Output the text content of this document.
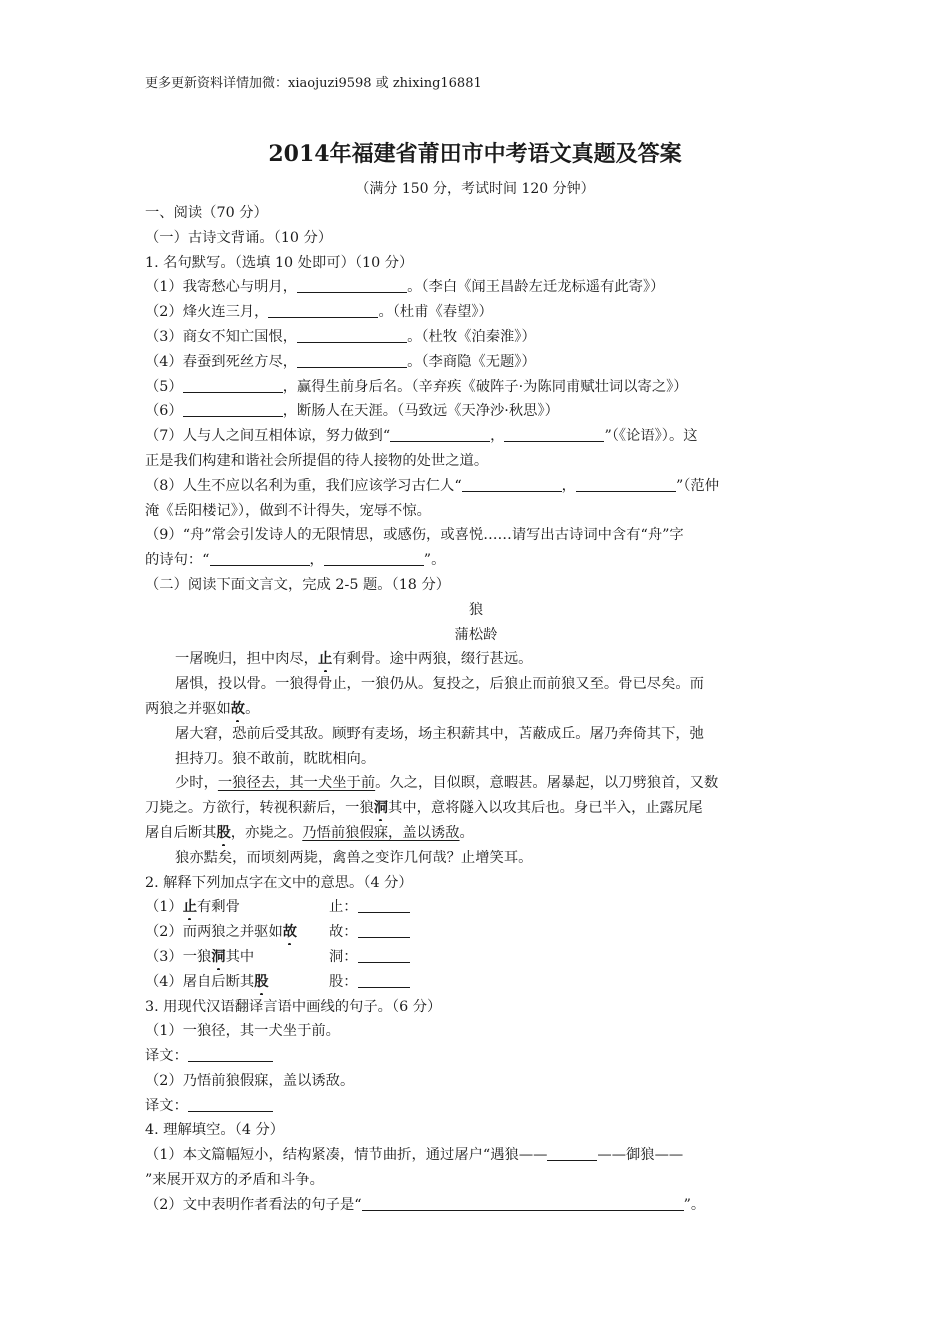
更多更新资料详情加微：xiaojuzi9598 或 zhixing16881
2014年福建省莆田市中考语文真题及答案
（满分 150 分，考试时间 120 分钟）
一、阅读（70 分）
（一）古诗文背诵。（10 分）
1. 名句默写。（选填 10 处即可）（10 分）
（1）我寄愁心与明月，	。（李白《闻王昌龄左迁龙标遥有此寄》）
（2）烽火连三月，	。（杜甫《春望》）
（3）商女不知亡国恨，	。（杜牧《泊秦淮》）
（4）春蚕到死丝方尽，	。（李商隐《无题》）
（5）	，赢得生前身后名。（辛弃疾《破阵子·为陈同甫赋壮词以寄之》）
（6）	，断肠人在天涯。（马致远《天净沙·秋思》）
（7）人与人之间互相体谅，努力做到“	，	”（《论语》）。这
正是我们构建和谐社会所提倡的待人接物的处世之道。
（8）人生不应以名利为重，我们应该学习古仁人“	，	”（范仲
淹《岳阳楼记》），做到不计得失，宠辱不惊。
（9）“舟”常会引发诗人的无限情思，或感伤，或喜悦……请写出古诗词中含有“舟”字
的诗句：“	，	”。
（二）阅读下面文言文，完成 2-5 题。（18 分）
狼
蒲松龄
一屠晚归，担中肉尽，止有剩骨。途中两狼，缀行甚远。
屠惧，投以骨。一狼得骨止，一狼仍从。复投之，后狼止而前狼又至。骨已尽矣。而
两狼之并驱如故。
屠大窘，恐前后受其敌。顾野有麦场，场主积薪其中，苫蔽成丘。屠乃奔倚其下，弛
担持刀。狼不敢前，眈眈相向。
少时，一狼径去，其一犬坐于前。久之，目似瞑，意暇甚。屠暴起，以刀劈狼首，又数
刀毙之。方欲行，转视积薪后，一狼洞其中，意将隧入以攻其后也。身已半入，止露尻尾
屠自后断其股，亦毙之。乃悟前狼假寐，盖以诱敌。
狼亦黠矣，而顷刻两毙，禽兽之变诈几何哉？止增笑耳。
2. 解释下列加点字在文中的意思。（4 分）
（1）止有剩骨	止：
（2）而两狼之并驱如故 故：
（3）一狼洞其中	洞：
（4）屠自后断其股	股：
3. 用现代汉语翻译言语中画线的句子。（6 分）
（1）一狼径，其一犬坐于前。
译文：
（2）乃悟前狼假寐，盖以诱敌。
译文：
4. 理解填空。（4 分）
（1）本文篇幅短小，结构紧凑，情节曲折，通过屠户“遇狼——	——御狼——
”来展开双方的矛盾和斗争。
（2）文中表明作者看法的句子是“	”。
